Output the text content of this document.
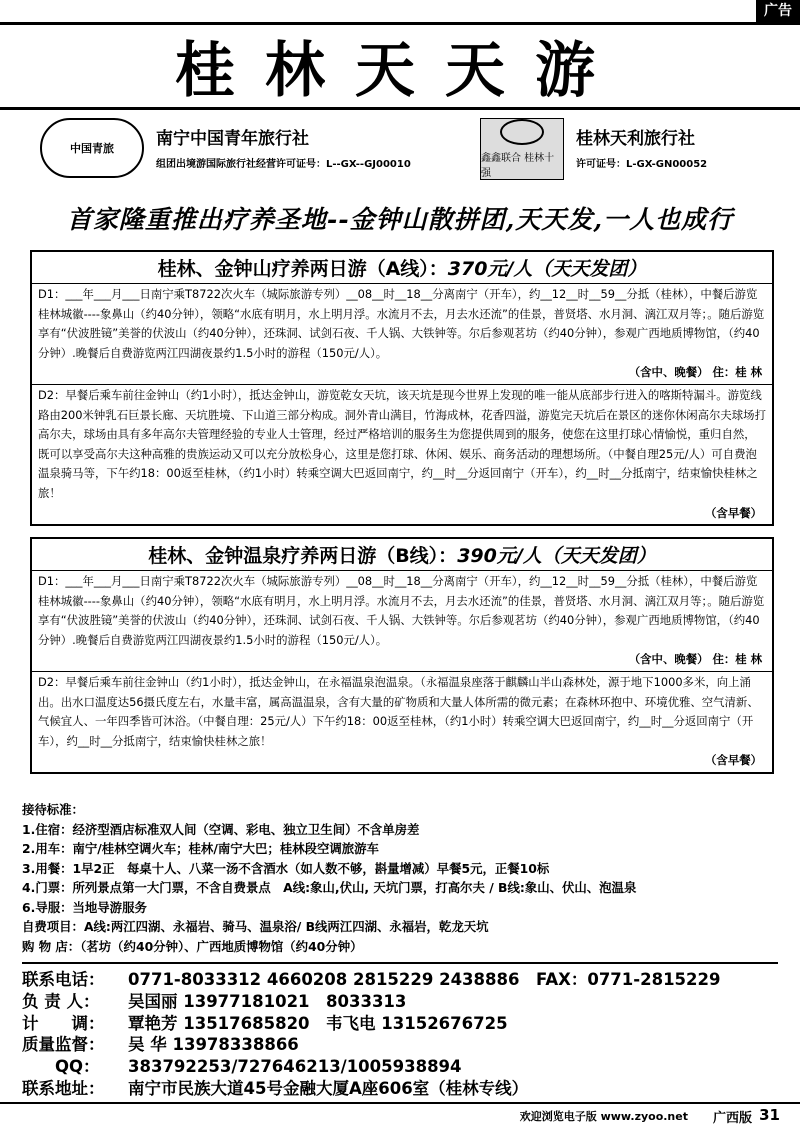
广告
桂林天天游
中国青旅	南宁中国青年旅行社
组团出境游国际旅行社经营许可证号：L--GX--GJ00010
鑫鑫联合 桂林十强
桂林天利旅行社
许可证号：L-GX-GN00052
首家隆重推出疗养圣地--金钟山散拼团,天天发,一人也成行
桂林、金钟山疗养两日游（A线）：370元/人（天天发团）
D1：___年___月___日南宁乘T8722次火车（城际旅游专列）__08__时__18__分离南宁（开车），约__12__时__59__分抵（桂林），中餐后游览桂林城徽----象鼻山（约40分钟），领略“水底有明月，水上明月浮。水流月不去，月去水还流”的佳景，普贤塔、水月洞、漓江双月等；。随后游览享有“伏波胜镜”美誉的伏波山（约40分钟），还珠洞、试剑石夜、千人锅、大铁钟等。尔后参观茗坊（约40分钟），参观广西地质博物馆，（约40分钟）.晚餐后自费游览两江四湖夜景约1.5小时的游程（150元/人）。
（含中、晚餐） 住：桂 林
D2：早餐后乘车前往金钟山（约1小时），抵达金钟山，游览乾女天坑，该天坑是现今世界上发现的唯一能从底部步行进入的喀斯特漏斗。游览线路由200米钟乳石巨景长廊、天坑胜境、下山道三部分构成。洞外青山满目，竹海成林，花香四溢，游览完天坑后在景区的迷你休闲高尔夫球场打高尔夫，球场由具有多年高尔夫管理经验的专业人士管理，经过严格培训的服务生为您提供周到的服务，使您在这里打球心情愉悦，重归自然，既可以享受高尔夫这种高雅的贵族运动又可以充分放松身心，这里是您打球、休闲、娱乐、商务活动的理想场所。（中餐自理25元/人）可自费泡温泉骑马等，下午约18：00返至桂林，（约1小时）转乘空调大巴返回南宁，约__时__分返回南宁（开车），约__时__分抵南宁，结束愉快桂林之旅！
（含早餐）
桂林、金钟温泉疗养两日游（B线）：390元/人（天天发团）
D1：___年___月___日南宁乘T8722次火车（城际旅游专列）__08__时__18__分离南宁（开车），约__12__时__59__分抵（桂林），中餐后游览桂林城徽----象鼻山（约40分钟），领略“水底有明月，水上明月浮。水流月不去，月去水还流”的佳景，普贤塔、水月洞、漓江双月等；。随后游览享有“伏波胜镜”美誉的伏波山（约40分钟），还珠洞、试剑石夜、千人锅、大铁钟等。尔后参观茗坊（约40分钟），参观广西地质博物馆，（约40分钟）.晚餐后自费游览两江四湖夜景约1.5小时的游程（150元/人）。
（含中、晚餐） 住：桂 林
D2：早餐后乘车前往金钟山（约1小时），抵达金钟山，在永福温泉泡温泉。（永福温泉座落于麒麟山半山森林处，源于地下1000多米，向上涌出。出水口温度达56摄氏度左右，水量丰富，属高温温泉，含有大量的矿物质和大量人体所需的微元素；在森林环抱中、环境优雅、空气清新、气候宜人、一年四季皆可沐浴。（中餐自理：25元/人）下午约18：00返至桂林，（约1小时）转乘空调大巴返回南宁，约__时__分返回南宁（开车），约__时__分抵南宁，结束愉快桂林之旅！
（含早餐）
接待标准：
1.住宿：经济型酒店标准双人间（空调、彩电、独立卫生间）不含单房差
2.用车：南宁/桂林空调火车；桂林/南宁大巴；桂林段空调旅游车
3.用餐：1早2正　每桌十人、八菜一汤不含酒水（如人数不够，斟量增减）早餐5元，正餐10标
4.门票：所列景点第一大门票，不含自费景点　A线:象山,伏山, 天坑门票，打高尔夫 / B线:象山、伏山、泡温泉
6.导服：当地导游服务
自费项目：A线:两江四湖、永福岩、骑马、温泉浴/ B线两江四湖、永福岩，乾龙天坑
购 物 店：（茗坊（约40分钟）、广西地质博物馆（约40分钟）
联系电话： 0771-8033312 4660208 2815229 2438886　FAX：0771-2815229
负 责 人： 吴国丽 13977181021　8033313
计　　调： 覃艳芳 13517685820　韦飞电 13152676725
质量监督： 吴 华 13978338866
　　QQ： 383792253/727646213/1005938894
联系地址： 南宁市民族大道45号金融大厦A座606室（桂林专线）
欢迎浏览电子版 www.zyoo.net 广西版 31
